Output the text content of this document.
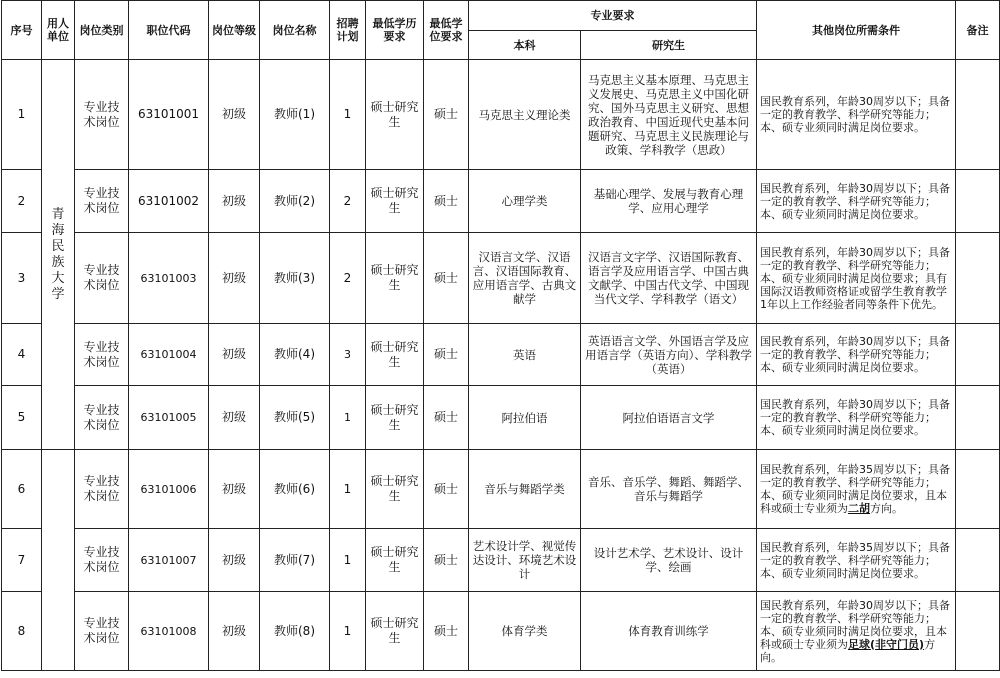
序号	用人单位	岗位类别	职位代码	岗位等级	岗位名称	招聘计划	最低学历要求	最低学位要求	专业要求		其他岗位所需条件	备注
									本科	研究生		
1	青海民族大学	专业技术岗位	63101001	初级	教师(1)	1	硕士研究生	硕士	马克思主义理论类	马克思主义基本原理、马克思主义发展史、马克思主义中国化研究、国外马克思主义研究、思想政治教育、中国近现代史基本问题研究、马克思主义民族理论与政策、学科教学（思政）	国民教育系列，年龄30周岁以下；具备一定的教育教学、科学研究等能力；本、硕专业须同时满足岗位要求。	
2		专业技术岗位	63101002	初级	教师(2)	2	硕士研究生	硕士	心理学类	基础心理学、发展与教育心理学、应用心理学	国民教育系列，年龄30周岁以下；具备一定的教育教学、科学研究等能力；本、硕专业须同时满足岗位要求。	
3		专业技术岗位	63101003	初级	教师(3)	2	硕士研究生	硕士	汉语言文学、汉语言、汉语国际教育、应用语言学、古典文献学	汉语言文字学、汉语国际教育、语言学及应用语言学、中国古典文献学、中国古代文学、中国现当代文学、学科教学（语文）	国民教育系列，年龄30周岁以下；具备一定的教育教学、科学研究等能力；本、硕专业须同时满足岗位要求；具有国际汉语教师资格证或留学生教育教学1年以上工作经验者同等条件下优先。	
4		专业技术岗位	63101004	初级	教师(4)	3	硕士研究生	硕士	英语	英语语言文学、外国语言学及应用语言学（英语方向）、学科教学（英语）	国民教育系列，年龄30周岁以下；具备一定的教育教学、科学研究等能力；本、硕专业须同时满足岗位要求。	
5		专业技术岗位	63101005	初级	教师(5)	1	硕士研究生	硕士	阿拉伯语	阿拉伯语语言文学	国民教育系列，年龄30周岁以下；具备一定的教育教学、科学研究等能力；本、硕专业须同时满足岗位要求。	
6		专业技术岗位	63101006	初级	教师(6)	1	硕士研究生	硕士	音乐与舞蹈学类	音乐、音乐学、舞蹈、舞蹈学、音乐与舞蹈学	国民教育系列，年龄35周岁以下；具备一定的教育教学、科学研究等能力；本、硕专业须同时满足岗位要求，且本科或硕士专业须为二胡方向。	
7		专业技术岗位	63101007	初级	教师(7)	1	硕士研究生	硕士	艺术设计学、视觉传达设计、环境艺术设计	设计艺术学、艺术设计、设计学、绘画	国民教育系列，年龄35周岁以下；具备一定的教育教学、科学研究等能力；本、硕专业须同时满足岗位要求。	
8		专业技术岗位	63101008	初级	教师(8)	1	硕士研究生	硕士	体育学类	体育教育训练学	国民教育系列，年龄30周岁以下；具备一定的教育教学、科学研究等能力；本、硕专业须同时满足岗位要求，且本科或硕士专业须为足球(非守门员)方向。	
